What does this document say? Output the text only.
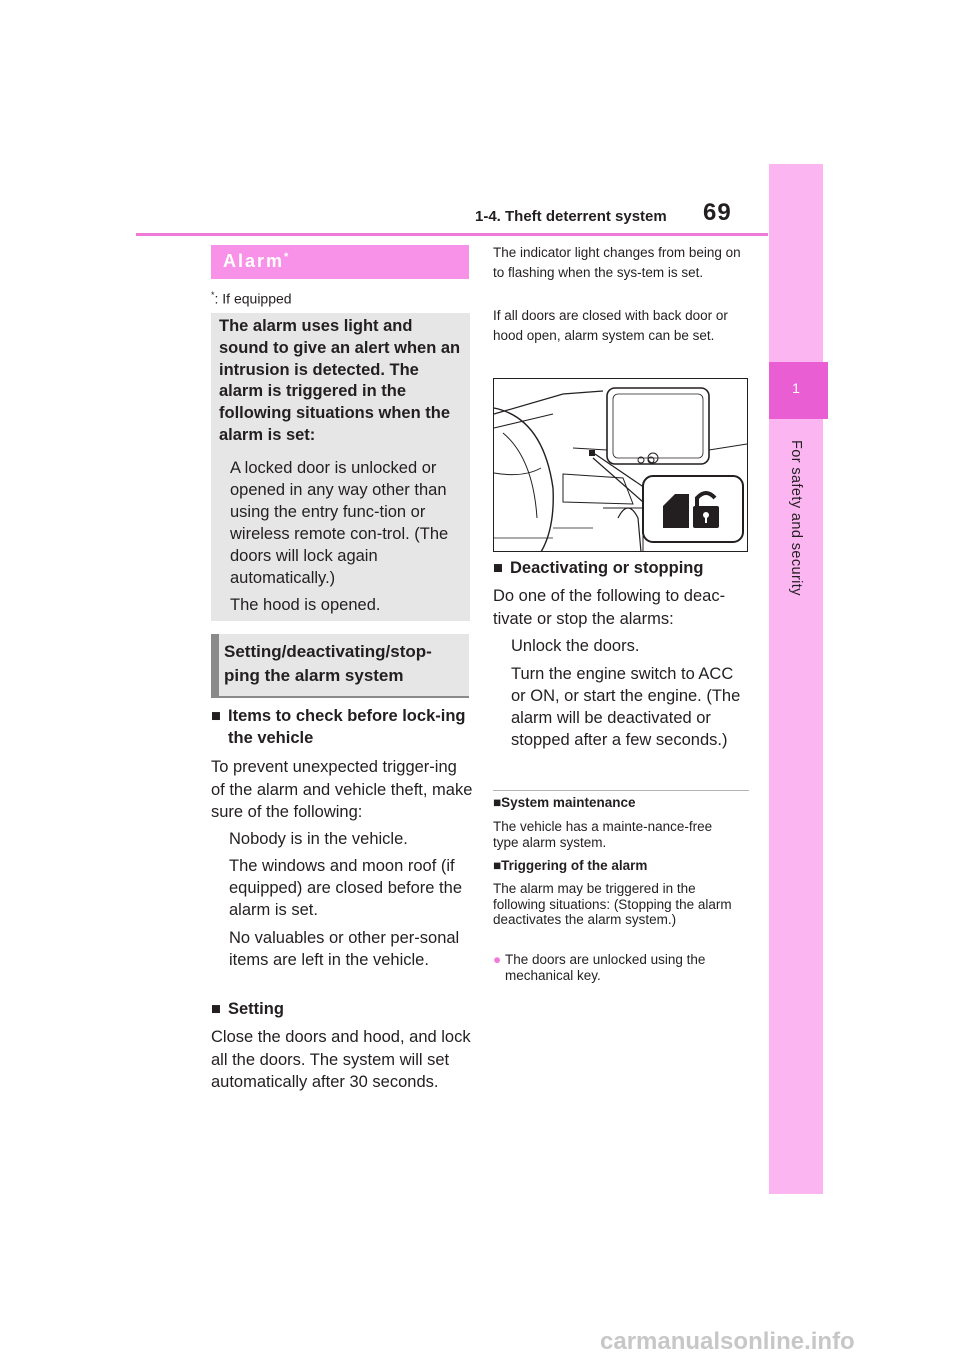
1-4. Theft deterrent system 69
1
For safety and security
Alarm*
*: If equipped
The alarm uses light and sound to give an alert when an intrusion is detected. The alarm is triggered in the following situations when the alarm is set:
A locked door is unlocked or opened in any way other than using the entry func-tion or wireless remote con-trol. (The doors will lock again automatically.)
The hood is opened.
Setting/deactivating/stop-ping the alarm system
■ Items to check before lock-ing the vehicle
To prevent unexpected trigger-ing of the alarm and vehicle theft, make sure of the following:
Nobody is in the vehicle.
The windows and moon roof (if equipped) are closed before the alarm is set.
No valuables or other per-sonal items are left in the vehicle.
■ Setting
Close the doors and hood, and lock all the doors. The system will set automatically after 30 seconds.
The indicator light changes from being on to flashing when the sys-tem is set.
If all doors are closed with back door or hood open, alarm system can be set.
■ Deactivating or stopping
Do one of the following to deac-tivate or stop the alarms:
Unlock the doors.
Turn the engine switch to ACC or ON, or start the engine. (The alarm will be deactivated or stopped after a few seconds.)
■System maintenance
The vehicle has a mainte-nance-free type alarm system.
■Triggering of the alarm
The alarm may be triggered in the following situations: (Stopping the alarm deactivates the alarm system.)
● The doors are unlocked using the mechanical key.
carmanualsonline.info
